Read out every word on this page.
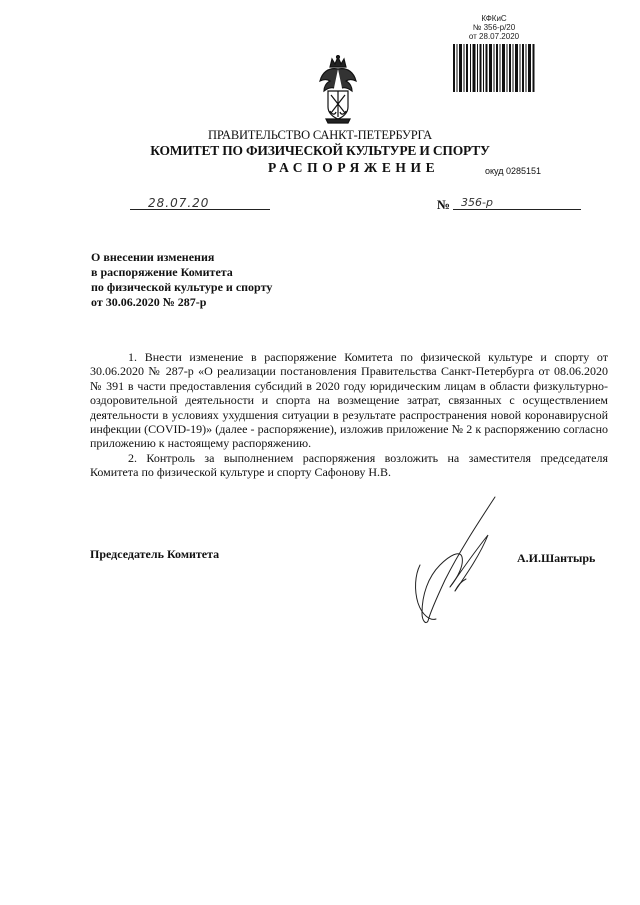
КФКиС
№ 356-р/20
от 28.07.2020
ПРАВИТЕЛЬСТВО САНКТ-ПЕТЕРБУРГА
КОМИТЕТ ПО ФИЗИЧЕСКОЙ КУЛЬТУРЕ И СПОРТУ
РАСПОРЯЖЕНИЕ	окуд 0285151
28.07.20	№ 356-р
О внесении изменения
в распоряжение Комитета
по физической культуре и спорту
от 30.06.2020 № 287-р

1. Внести изменение в распоряжение Комитета по физической культуре и спорту от 30.06.2020 № 287-р «О реализации постановления Правительства Санкт-Петербурга от 08.06.2020 № 391 в части предоставления субсидий в 2020 году юридическим лицам в области физкультурно-оздоровительной деятельности и спорта на возмещение затрат, связанных с осуществлением деятельности в условиях ухудшения ситуации в результате распространения новой коронавирусной инфекции (COVID-19)» (далее - распоряжение), изложив приложение № 2 к распоряжению согласно приложению к настоящему распоряжению.

2. Контроль за выполнением распоряжения возложить на заместителя председателя Комитета по физической культуре и спорту Сафонову Н.В.

Председатель Комитета	А.И.Шантырь
